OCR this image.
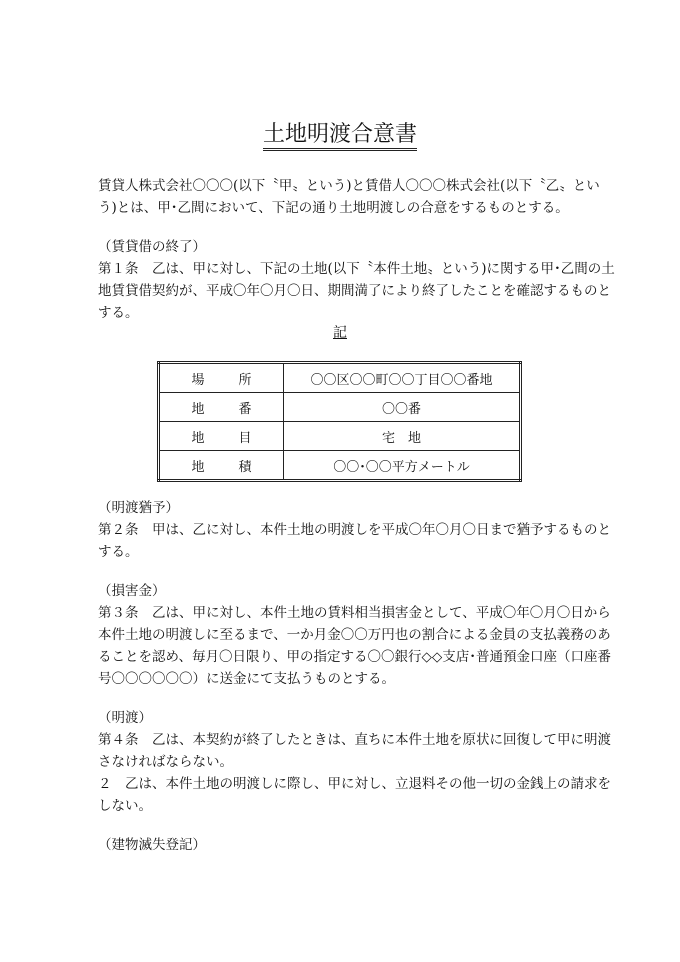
土地明渡合意書
賃貸人株式会社〇〇〇(以下〝甲〟という)と賃借人〇〇〇株式会社(以下〝乙〟とい
う)とは、甲･乙間において、下記の通り土地明渡しの合意をするものとする。
（賃貸借の終了）
第１条　乙は、甲に対し、下記の土地(以下〝本件土地〟という)に関する甲･乙間の土
地賃貸借契約が、平成〇年〇月〇日、期間満了により終了したことを確認するものと
する。
記
場所	〇〇区〇〇町〇〇丁目〇〇番地
地番	〇〇番
地目	宅　地
地積	〇〇･〇〇平方メートル
（明渡猶予）
第２条　甲は、乙に対し、本件土地の明渡しを平成〇年〇月〇日まで猶予するものと
する。
（損害金）
第３条　乙は、甲に対し、本件土地の賃料相当損害金として、平成〇年〇月〇日から
本件土地の明渡しに至るまで、一か月金〇〇万円也の割合による金員の支払義務のあ
ることを認め、毎月〇日限り、甲の指定する〇〇銀行◇◇支店･普通預金口座（口座番
号〇〇〇〇〇〇）に送金にて支払うものとする。
（明渡）
第４条　乙は、本契約が終了したときは、直ちに本件土地を原状に回復して甲に明渡
さなければならない。
２　乙は、本件土地の明渡しに際し、甲に対し、立退料その他一切の金銭上の請求を
しない。
（建物滅失登記）
